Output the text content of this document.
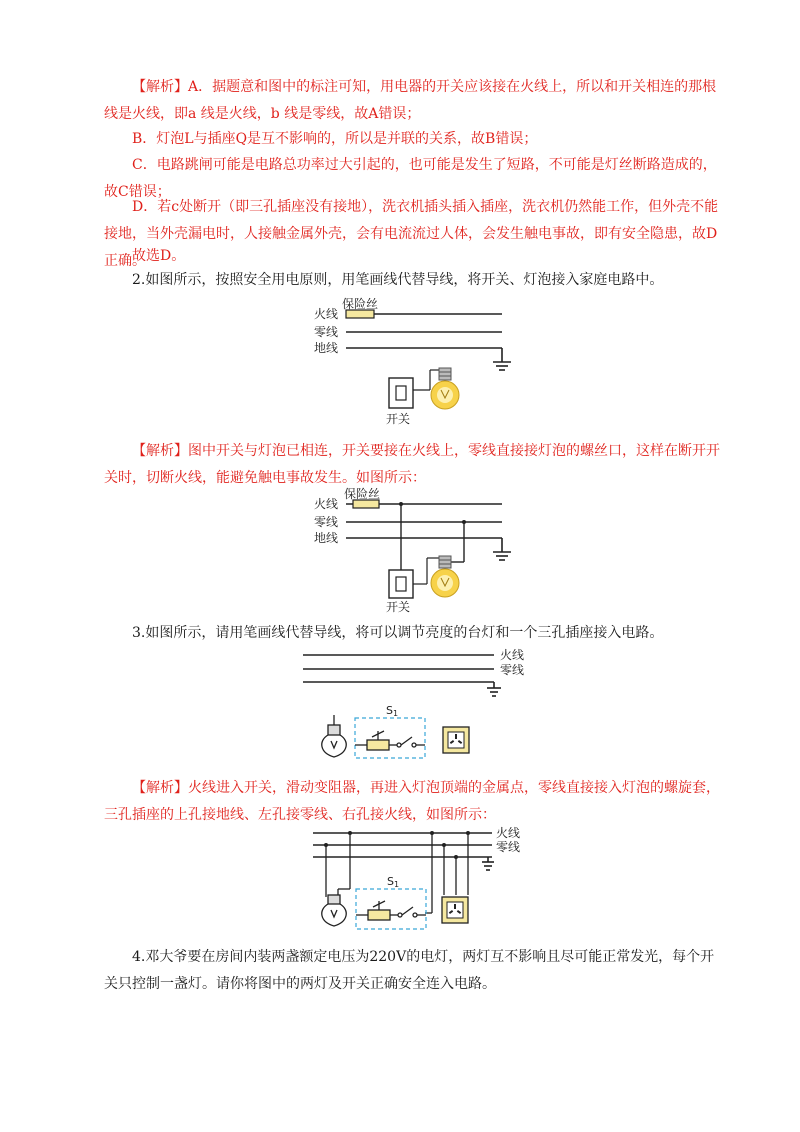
【解析】A．据题意和图中的标注可知，用电器的开关应该接在火线上，所以和开关相连的那根线是火线，即a 线是火线，b 线是零线，故A错误；

B．灯泡L与插座Q是互不影响的，所以是并联的关系，故B错误；

C．电路跳闸可能是电路总功率过大引起的，也可能是发生了短路，不可能是灯丝断路造成的，故C错误；

D．若c处断开（即三孔插座没有接地），洗衣机插头插入插座，洗衣机仍然能工作，但外壳不能接地，当外壳漏电时，人接触金属外壳，会有电流流过人体，会发生触电事故，即有安全隐患，故D正确。

故选D。

2.如图所示，按照安全用电原则，用笔画线代替导线，将开关、灯泡接入家庭电路中。

保险丝
火线
零线
地线
开关

【解析】图中开关与灯泡已相连，开关要接在火线上，零线直接接灯泡的螺丝口，这样在断开开关时，切断火线，能避免触电事故发生。如图所示：

保险丝
火线
零线
地线
开关

3.如图所示，请用笔画线代替导线，将可以调节亮度的台灯和一个三孔插座接入电路。

火线
零线
S1

【解析】火线进入开关，滑动变阻器，再进入灯泡顶端的金属点，零线直接接入灯泡的螺旋套，三孔插座的上孔接地线、左孔接零线、右孔接火线，如图所示：

火线
零线
S1

4.邓大爷要在房间内装两盏额定电压为220V的电灯，两灯互不影响且尽可能正常发光，每个开关只控制一盏灯。请你将图中的两灯及开关正确安全连入电路。
